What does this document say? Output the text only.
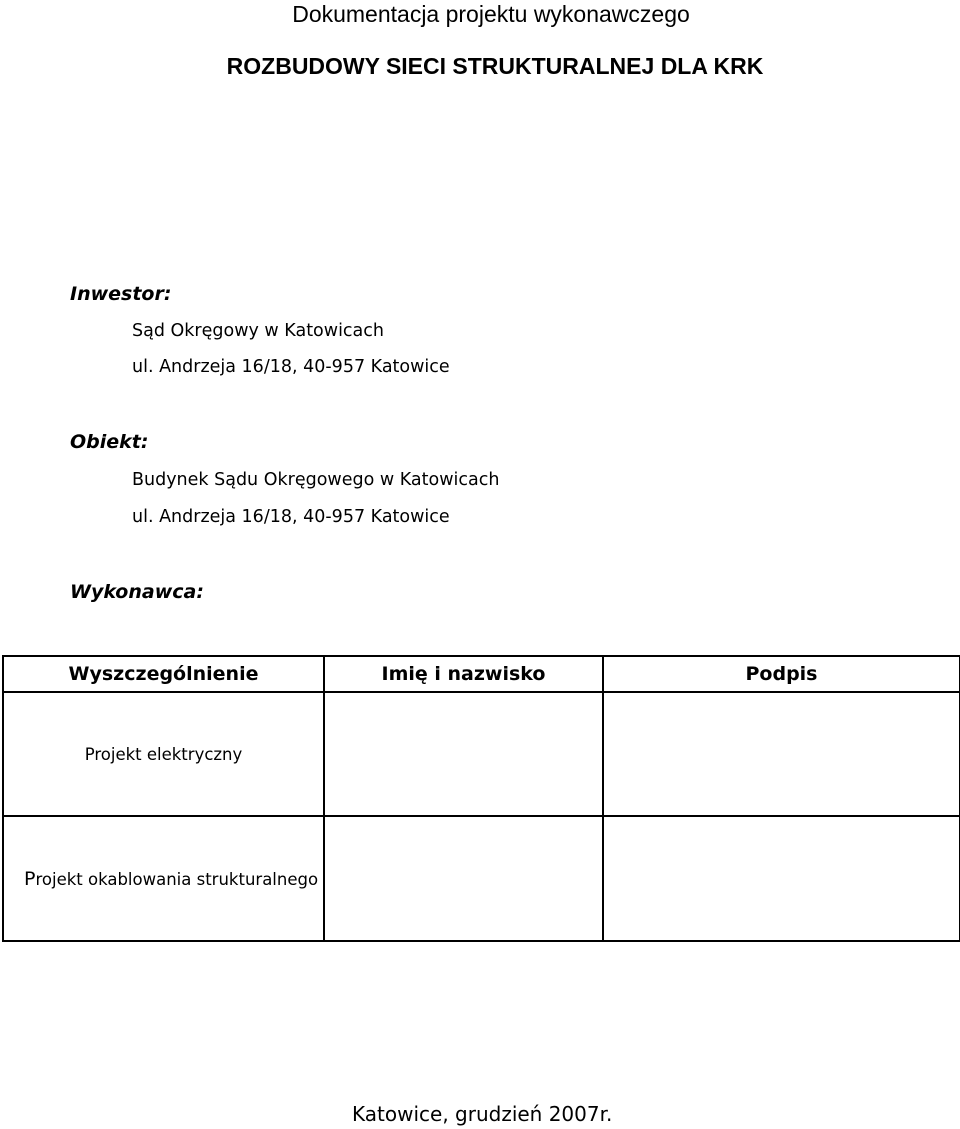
Dokumentacja projektu wykonawczego
ROZBUDOWY SIECI STRUKTURALNEJ DLA KRK
Inwestor:
Sąd Okręgowy w Katowicach
ul. Andrzeja 16/18, 40-957 Katowice
Obiekt:
Budynek Sądu Okręgowego w Katowicach
ul. Andrzeja 16/18, 40-957 Katowice
Wykonawca:
Wyszczególnienie	Imię i nazwisko	Podpis
Projekt elektryczny		
Projekt okablowania strukturalnego		
Katowice, grudzień 2007r.
